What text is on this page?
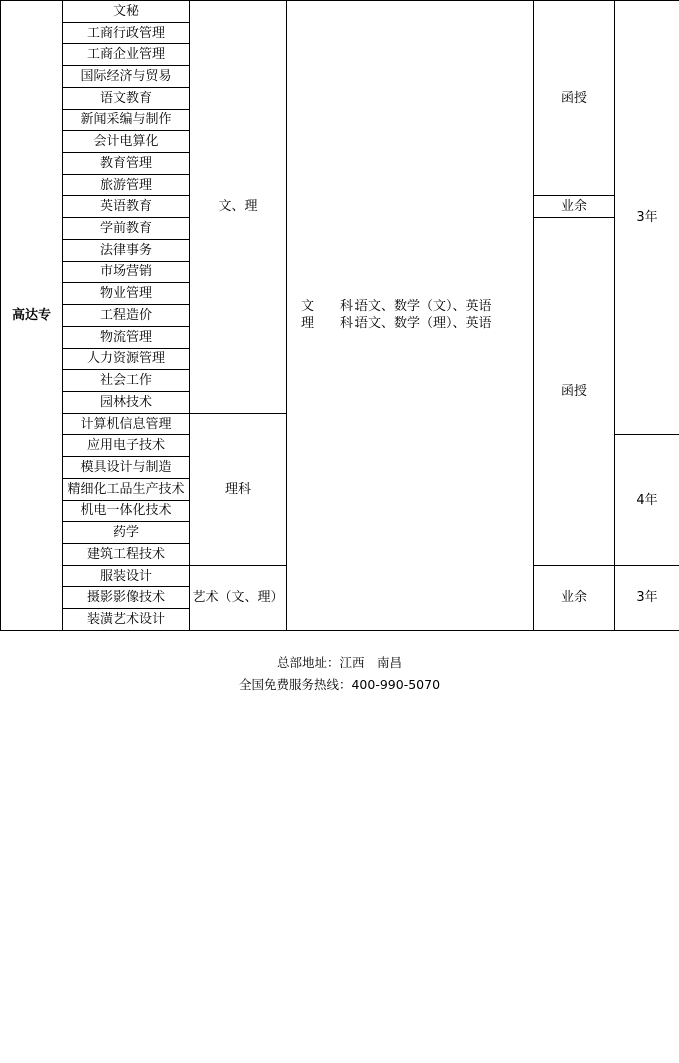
高达专	文秘	文、理	文　　科：语文、数学（文）、英语
理　　科：语文、数学（理）、英语	函授	3年
	工商行政管理				
	工商企业管理				
	国际经济与贸易				
	语文教育				
	新闻采编与制作				
	会计电算化				
	教育管理				
	旅游管理				
	英语教育			业余	
	学前教育			函授	
	法律事务				
	市场营销				
	物业管理				
	工程造价				
	物流管理				
	人力资源管理				
	社会工作				
	园林技术				
	计算机信息管理	理科			
	应用电子技术				4年
	模具设计与制造				
	精细化工品生产技术				
	机电一体化技术				
	药学				
	建筑工程技术				
	服装设计	艺术（文、理）		业余	3年
	摄影影像技术				
	装潢艺术设计				
总部地址：江西　南昌
全国免费服务热线：400-990-5070
